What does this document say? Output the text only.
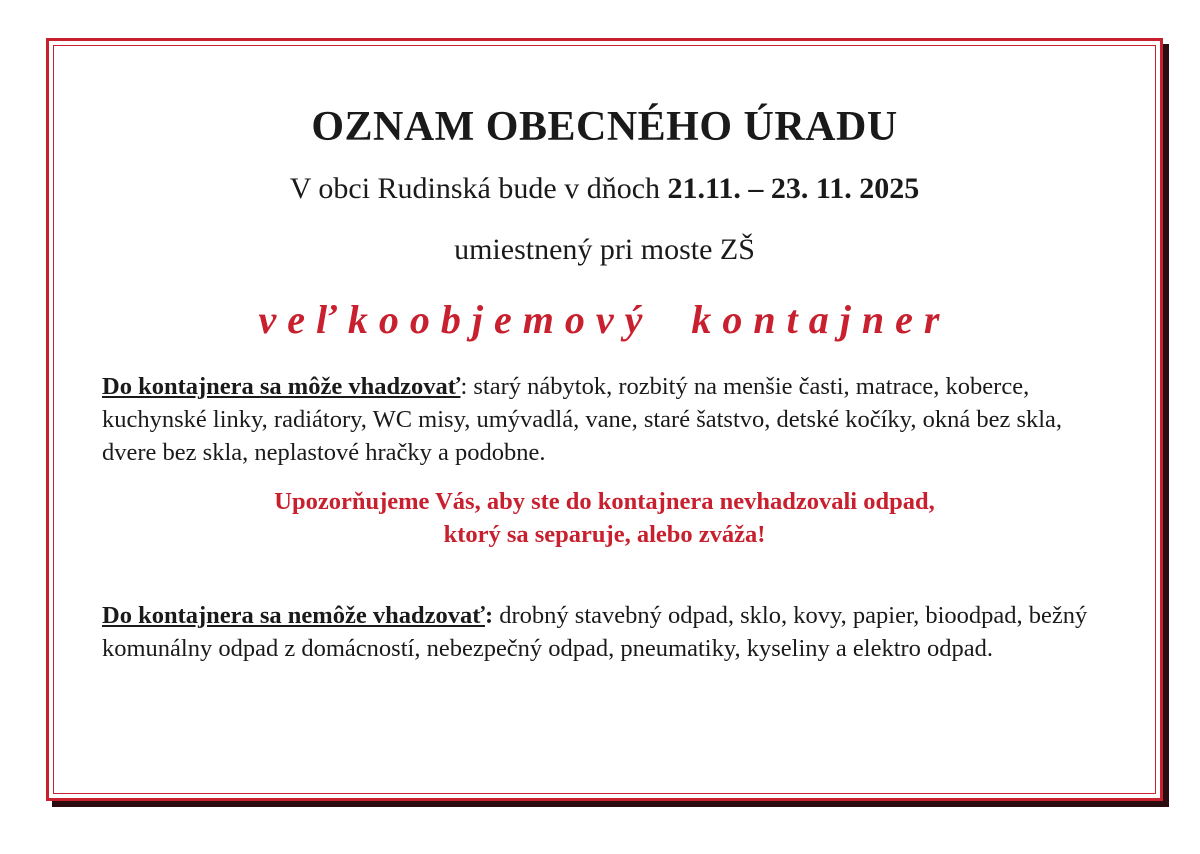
OZNAM OBECNÉHO ÚRADU
V obci Rudinská bude v dňoch 21.11. – 23. 11. 2025
umiestnený pri moste ZŠ
veľkoobjemový kontajner
Do kontajnera sa môže vhadzovať: starý nábytok, rozbitý na menšie časti, matrace, koberce, kuchynské linky, radiátory, WC misy, umývadlá, vane, staré šatstvo, detské kočíky, okná bez skla, dvere bez skla, neplastové hračky a podobne.
Upozorňujeme Vás, aby ste do kontajnera nevhadzovali odpad,
ktorý sa separuje, alebo zváža!
Do kontajnera sa nemôže vhadzovať: drobný stavebný odpad, sklo, kovy, papier, bioodpad, bežný komunálny odpad z domácností, nebezpečný odpad, pneumatiky, kyseliny a elektro odpad.
